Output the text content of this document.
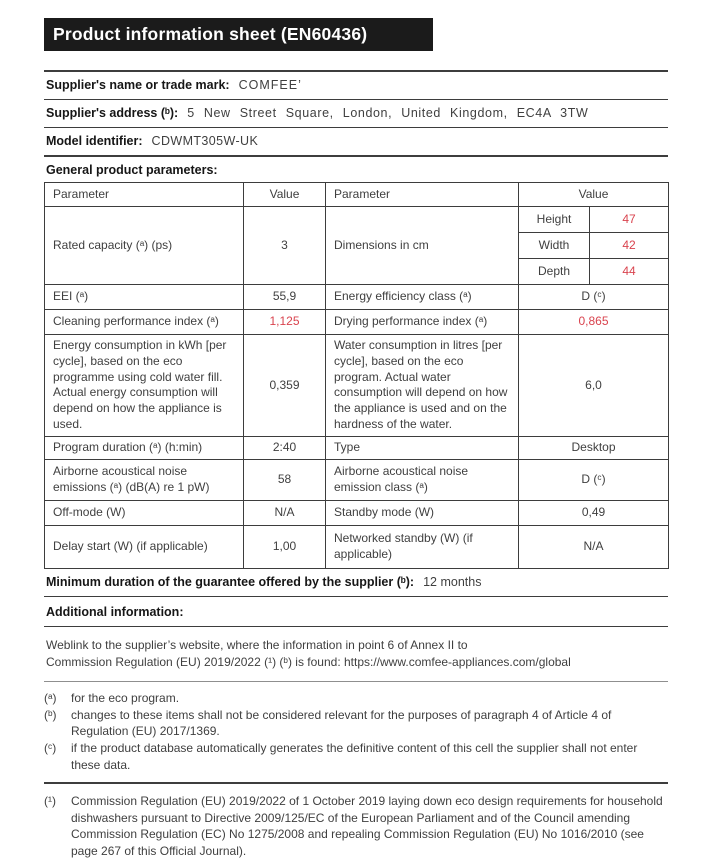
Product information sheet (EN60436)
Supplier's name or trade mark: COMFEE’
Supplier's address (ᵇ): 5 New Street Square, London, United Kingdom, EC4A 3TW
Model identifier: CDWMT305W-UK
General product parameters:
Parameter	Value	Parameter	Value	
Rated capacity (ᵃ) (ps)	3	Dimensions in cm	Height	47
			Width	42
			Depth	44
EEI (ᵃ)	55,9	Energy efficiency class (ᵃ)	D (ᶜ)	
Cleaning performance index (ᵃ)	1,125	Drying performance index (ᵃ)	0,865	
Energy consumption in kWh [per cycle], based on the eco programme using cold water fill. Actual energy consumption will depend on how the appliance is used.	0,359	Water consumption in litres [per cycle], based on the eco program. Actual water consumption will depend on how the appliance is used and on the hardness of the water.	6,0	
Program duration (ᵃ) (h:min)	2:40	Type	Desktop	
Airborne acoustical noise emissions (ᵃ) (dB(A) re 1 pW)	58	Airborne acoustical noise emission class (ᵃ)	D (ᶜ)	
Off-mode (W)	N/A	Standby mode (W)	0,49	
Delay start (W) (if applicable)	1,00	Networked standby (W) (if applicable)	N/A	
Minimum duration of the guarantee offered by the supplier (ᵇ): 12 months
Additional information:
Weblink to the supplier’s website, where the information in point 6 of Annex II to
Commission Regulation (EU) 2019/2022 (¹) (ᵇ) is found: https://www.comfee-appliances.com/global
(ᵃ) for the eco program.
(ᵇ) changes to these items shall not be considered relevant for the purposes of paragraph 4 of Article 4 of Regulation (EU) 2017/1369.
(ᶜ) if the product database automatically generates the definitive content of this cell the supplier shall not enter these data.
(¹) Commission Regulation (EU) 2019/2022 of 1 October 2019 laying down eco design requirements for household dishwashers pursuant to Directive 2009/125/EC of the European Parliament and of the Council amending Commission Regulation (EC) No 1275/2008 and repealing Commission Regulation (EU) No 1016/2010 (see page 267 of this Official Journal).
